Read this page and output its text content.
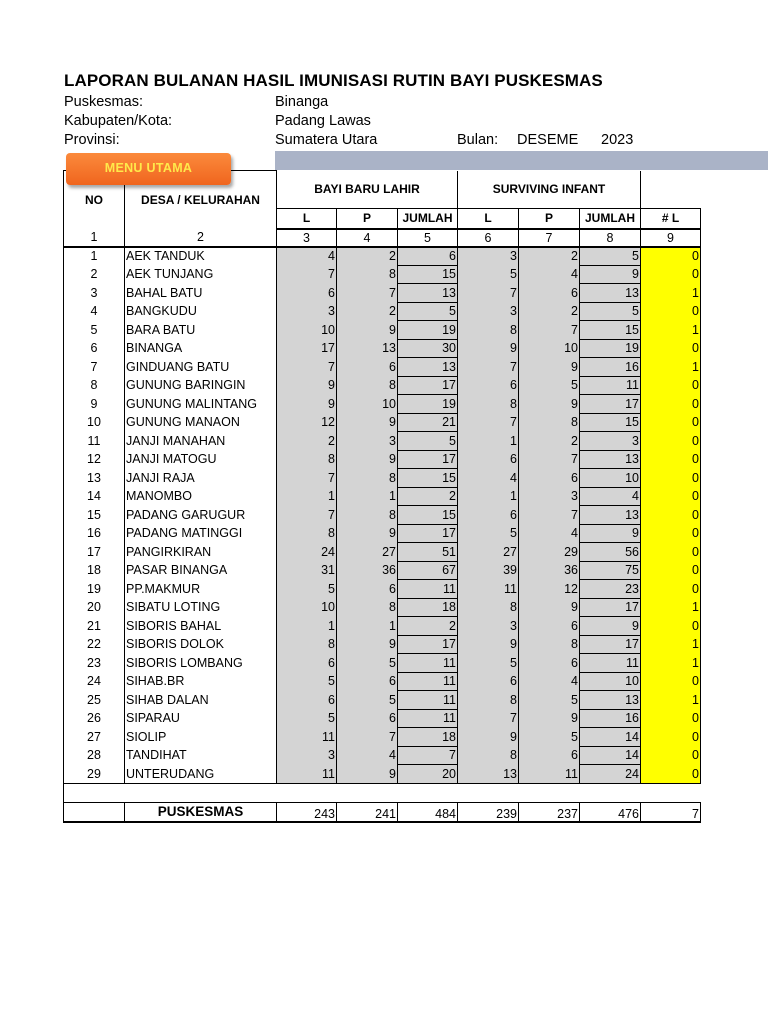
LAPORAN BULANAN HASIL IMUNISASI RUTIN BAYI PUSKESMAS
Puskesmas:	Binanga
Kabupaten/Kota:	Padang Lawas
Provinsi:	Sumatera Utara	Bulan: DESEME 2023
NO	DESA / KELURAHAN	BAYI BARU LAHIR			SURVIVING INFANT			
		L	P	JUMLAH	L	P	JUMLAH	# L
1	2	3	4	5	6	7	8	9
1	AEK TANDUK	4	2	6	3	2	5	0
2	AEK TUNJANG	7	8	15	5	4	9	0
3	BAHAL BATU	6	7	13	7	6	13	1
4	BANGKUDU	3	2	5	3	2	5	0
5	BARA BATU	10	9	19	8	7	15	1
6	BINANGA	17	13	30	9	10	19	0
7	GINDUANG BATU	7	6	13	7	9	16	1
8	GUNUNG BARINGIN	9	8	17	6	5	11	0
9	GUNUNG MALINTANG	9	10	19	8	9	17	0
10	GUNUNG MANAON	12	9	21	7	8	15	0
11	JANJI MANAHAN	2	3	5	1	2	3	0
12	JANJI MATOGU	8	9	17	6	7	13	0
13	JANJI RAJA	7	8	15	4	6	10	0
14	MANOMBO	1	1	2	1	3	4	0
15	PADANG GARUGUR	7	8	15	6	7	13	0
16	PADANG MATINGGI	8	9	17	5	4	9	0
17	PANGIRKIRAN	24	27	51	27	29	56	0
18	PASAR BINANGA	31	36	67	39	36	75	0
19	PP.MAKMUR	5	6	11	11	12	23	0
20	SIBATU LOTING	10	8	18	8	9	17	1
21	SIBORIS BAHAL	1	1	2	3	6	9	0
22	SIBORIS DOLOK	8	9	17	9	8	17	1
23	SIBORIS LOMBANG	6	5	11	5	6	11	1
24	SIHAB.BR	5	6	11	6	4	10	0
25	SIHAB DALAN	6	5	11	8	5	13	1
26	SIPARAU	5	6	11	7	9	16	0
27	SIOLIP	11	7	18	9	5	14	0
28	TANDIHAT	3	4	7	8	6	14	0
29	UNTERUDANG	11	9	20	13	11	24	0

	PUSKESMAS	243	241	484	239	237	476	7
MENU UTAMA
